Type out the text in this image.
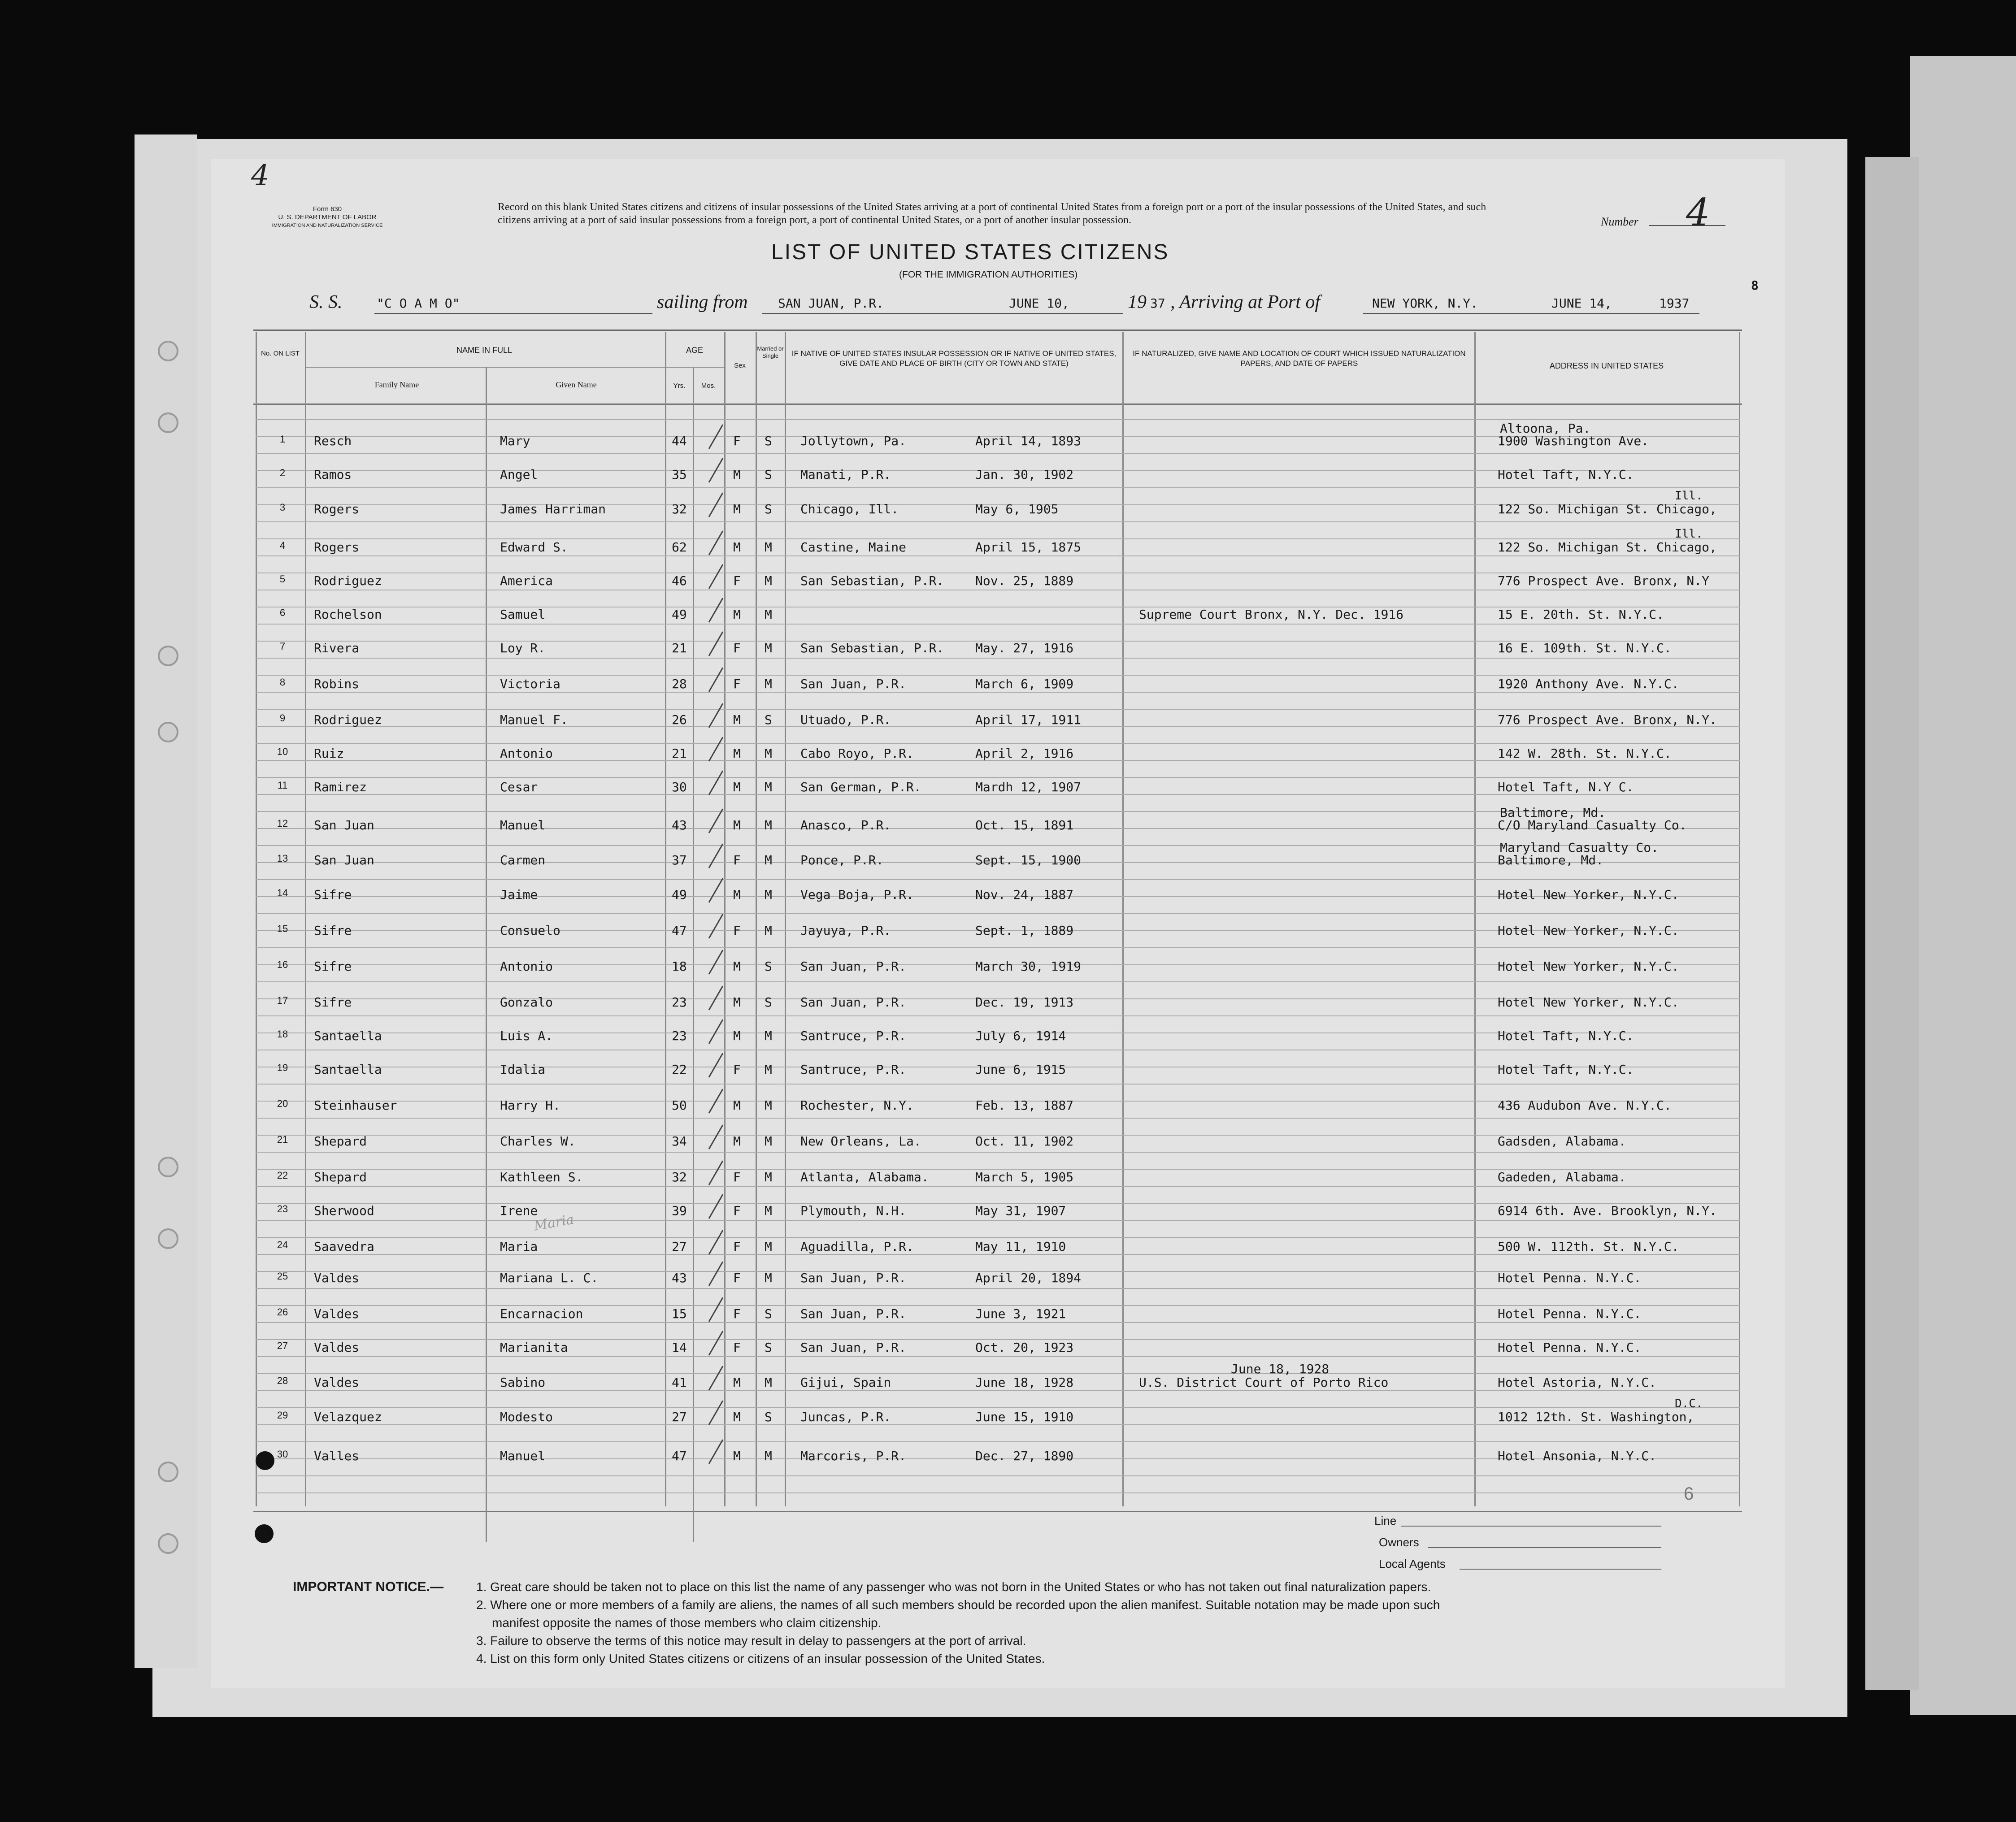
4
Form 630
U. S. DEPARTMENT OF LABOR
IMMIGRATION AND NATURALIZATION SERVICE
Record on this blank United States citizens and citizens of insular possessions of the United States arriving at a port of continental United States from a foreign port or a port of the insular possessions of the United States, and such citizens arriving at a port of said insular possessions from a foreign port, a port of continental United States, or a port of another insular possession.	Number 4
LIST OF UNITED STATES CITIZENS
(FOR THE IMMIGRATION AUTHORITIES)
S. S.	"C O A M O"	sailing from SAN JUAN, P.R.	JUNE 10,	19 37 , Arriving at Port of	NEW YORK, N.Y.	JUNE 14,	1937
8
No. ON LIST	NAME IN FULL
Family Name	Given Name
AGE
Yrs.	Mos.
Sex
Married or Single	IF NATIVE OF UNITED STATES INSULAR POSSESSION OR IF NATIVE OF UNITED STATES, GIVE DATE AND PLACE OF BIRTH (CITY OR TOWN AND STATE)
IF NATURALIZED, GIVE NAME AND LOCATION OF COURT WHICH ISSUED NATURALIZATION PAPERS, AND DATE OF PAPERS	ADDRESS IN UNITED STATES
1	Resch	Mary	44	F S Jollytown, Pa.	April 14, 1893	1900 Washington Ave.
Altoona, Pa.
2	Ramos	Angel	35	M S Manati, P.R.	Jan. 30, 1902	Hotel Taft, N.Y.C.
3	Rogers	James Harriman	32	M S Chicago, Ill.	May 6, 1905	122 So. Michigan St. Chicago,
Ill.
4	Rogers	Edward S.	62	M M Castine, Maine	April 15, 1875	122 So. Michigan St. Chicago,
Ill.
5	Rodriguez	America	46	F M San Sebastian, P.R. Nov. 25, 1889	776 Prospect Ave. Bronx, N.Y
6	Rochelson	Samuel	49	M M	Supreme Court Bronx, N.Y. Dec. 1916	15 E. 20th. St. N.Y.C.
7	Rivera	Loy R.	21	F M San Sebastian, P.R. May. 27, 1916	16 E. 109th. St. N.Y.C.
8	Robins	Victoria	28	F M San Juan, P.R.	March 6, 1909	1920 Anthony Ave. N.Y.C.
9	Rodriguez	Manuel F.	26	M S Utuado, P.R.	April 17, 1911	776 Prospect Ave. Bronx, N.Y.
10	Ruiz	Antonio	21	M M Cabo Royo, P.R.	April 2, 1916	142 W. 28th. St. N.Y.C.
11	Ramirez	Cesar	30	M M San German, P.R.	Mardh 12, 1907	Hotel Taft, N.Y C.
12	San Juan	Manuel	43	M M Anasco, P.R.	Oct. 15, 1891	C/O Maryland Casualty Co.
Baltimore, Md.
13	San Juan	Carmen	37	F M Ponce, P.R.	Sept. 15, 1900	Baltimore, Md.
Maryland Casualty Co.
14	Sifre	Jaime	49	M M Vega Boja, P.R.	Nov. 24, 1887	Hotel New Yorker, N.Y.C.
15	Sifre	Consuelo	47	F M Jayuya, P.R.	Sept. 1, 1889	Hotel New Yorker, N.Y.C.
16	Sifre	Antonio	18	M S San Juan, P.R.	March 30, 1919	Hotel New Yorker, N.Y.C.
17	Sifre	Gonzalo	23	M S San Juan, P.R.	Dec. 19, 1913	Hotel New Yorker, N.Y.C.
18	Santaella	Luis A.	23	M M Santruce, P.R.	July 6, 1914	Hotel Taft, N.Y.C.
19	Santaella	Idalia	22	F M Santruce, P.R.	June 6, 1915	Hotel Taft, N.Y.C.
20	Steinhauser	Harry H.	50	M M Rochester, N.Y.	Feb. 13, 1887	436 Audubon Ave. N.Y.C.
21	Shepard	Charles W.	34	M M New Orleans, La.	Oct. 11, 1902	Gadsden, Alabama.
22	Shepard	Kathleen S.	32	F M Atlanta, Alabama.	March 5, 1905	Gadeden, Alabama.
23	Sherwood	Irene	39	F M Plymouth, N.H.	May 31, 1907	6914 6th. Ave. Brooklyn, N.Y.
24	Saavedra	Maria	27	F M Aguadilla, P.R.	May 11, 1910	500 W. 112th. St. N.Y.C.
25	Valdes	Mariana L. C.	43	F M San Juan, P.R.	April 20, 1894	Hotel Penna. N.Y.C.
26	Valdes	Encarnacion	15	F S San Juan, P.R.	June 3, 1921	Hotel Penna. N.Y.C.
27	Valdes	Marianita	14	F S San Juan, P.R.	Oct. 20, 1923	Hotel Penna. N.Y.C.
28	Valdes	Sabino	41	M M Gijui, Spain	June 18, 1928	U.S. District Court of Porto Rico	Hotel Astoria, N.Y.C.
June 18, 1928
29	Velazquez	Modesto	27	M S Juncas, P.R.	June 15, 1910	1012 12th. St. Washington,
D.C.
30	Valles	Manuel	47	M M Marcoris, P.R.	Dec. 27, 1890	Hotel Ansonia, N.Y.C.
Maria
6
Line
Owners
Local Agents
IMPORTANT NOTICE.—	1. Great care should be taken not to place on this list the name of any passenger who was not born in the United States or who has not taken out final naturalization papers.
2. Where one or more members of a family are aliens, the names of all such members should be recorded upon the alien manifest. Suitable notation may be made upon such
manifest opposite the names of those members who claim citizenship.
3. Failure to observe the terms of this notice may result in delay to passengers at the port of arrival.
4. List on this form only United States citizens or citizens of an insular possession of the United States.
